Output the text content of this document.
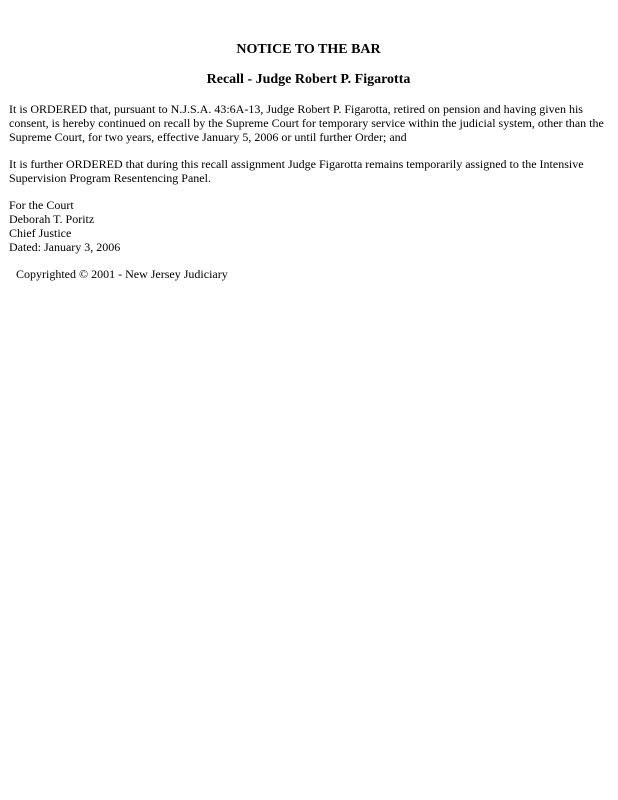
NOTICE TO THE BAR
Recall - Judge Robert P. Figarotta

It is ORDERED that, pursuant to N.J.S.A. 43:6A-13, Judge Robert P. Figarotta, retired on pension and having given his consent, is hereby continued on recall by the Supreme Court for temporary service within the judicial system, other than the Supreme Court, for two years, effective January 5, 2006 or until further Order; and

It is further ORDERED that during this recall assignment Judge Figarotta remains temporarily assigned to the Intensive Supervision Program Resentencing Panel.

For the Court
Deborah T. Poritz
Chief Justice
Dated: January 3, 2006
Copyrighted © 2001 - New Jersey Judiciary
